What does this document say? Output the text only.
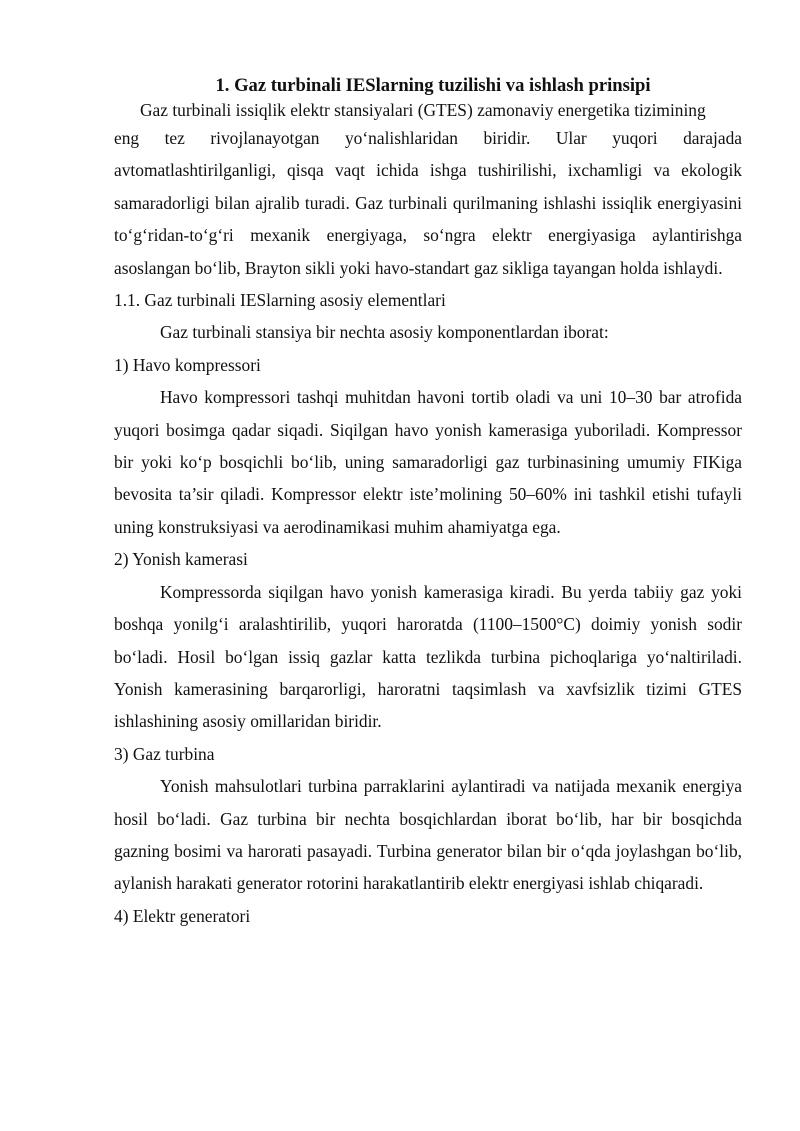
1. Gaz turbinali IESlarning tuzilishi va ishlash prinsipi

Gaz turbinali issiqlik elektr stansiyalari (GTES) zamonaviy energetika tizimining

eng tez rivojlanayotgan yo‘nalishlaridan biridir. Ular yuqori darajada avtomatlashtirilganligi, qisqa vaqt ichida ishga tushirilishi, ixchamligi va ekologik samaradorligi bilan ajralib turadi. Gaz turbinali qurilmaning ishlashi issiqlik energiyasini to‘g‘ridan-to‘g‘ri mexanik energiyaga, so‘ngra elektr energiyasiga aylantirishga asoslangan bo‘lib, Brayton sikli yoki havo-standart gaz sikliga tayangan holda ishlaydi.

1.1. Gaz turbinali IESlarning asosiy elementlari

Gaz turbinali stansiya bir nechta asosiy komponentlardan iborat:

1) Havo kompressori

Havo kompressori tashqi muhitdan havoni tortib oladi va uni 10–30 bar atrofida yuqori bosimga qadar siqadi. Siqilgan havo yonish kamerasiga yuboriladi. Kompressor bir yoki ko‘p bosqichli bo‘lib, uning samaradorligi gaz turbinasining umumiy FIKiga bevosita ta’sir qiladi. Kompressor elektr iste’molining 50–60% ini tashkil etishi tufayli uning konstruksiyasi va aerodinamikasi muhim ahamiyatga ega.

2) Yonish kamerasi

Kompressorda siqilgan havo yonish kamerasiga kiradi. Bu yerda tabiiy gaz yoki boshqa yonilg‘i aralashtirilib, yuqori haroratda (1100–1500°C) doimiy yonish sodir bo‘ladi. Hosil bo‘lgan issiq gazlar katta tezlikda turbina pichoqlariga yo‘naltiriladi. Yonish kamerasining barqarorligi, haroratni taqsimlash va xavfsizlik tizimi GTES ishlashining asosiy omillaridan biridir.

3) Gaz turbina

Yonish mahsulotlari turbina parraklarini aylantiradi va natijada mexanik energiya hosil bo‘ladi. Gaz turbina bir nechta bosqichlardan iborat bo‘lib, har bir bosqichda gazning bosimi va harorati pasayadi. Turbina generator bilan bir o‘qda joylashgan bo‘lib, aylanish harakati generator rotorini harakatlantirib elektr energiyasi ishlab chiqaradi.

4) Elektr generatori
